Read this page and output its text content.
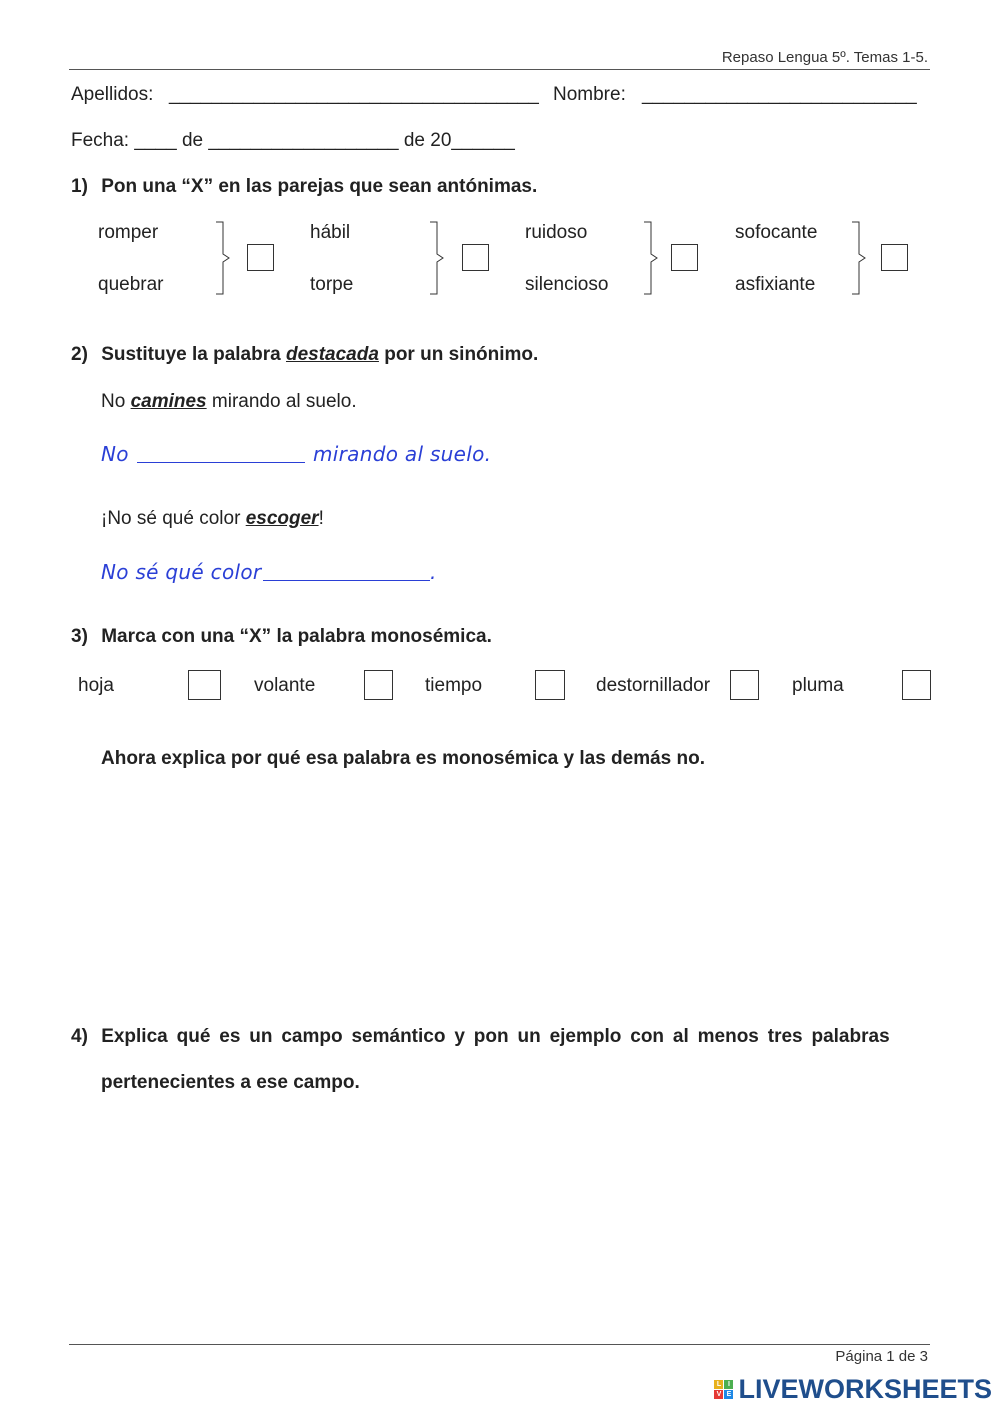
Repaso Lengua 5º. Temas 1-5.
Apellidos: ___________________________________ Nombre: __________________________
Fecha: ____ de __________________ de 20______
1) Pon una “X” en las parejas que sean antónimas.
romper
quebrar
hábil
torpe
ruidoso
silencioso
sofocante
asfixiante
2) Sustituye la palabra destacada por un sinónimo.
No camines mirando al suelo.
No	mirando al suelo.
¡No sé qué color escoger!
No sé qué color	.
3) Marca con una “X” la palabra monosémica.
hoja	volante	tiempo	destornillador	pluma
Ahora explica por qué esa palabra es monosémica y las demás no.
4) Explica qué es un campo semántico y pon un ejemplo con al menos tres palabras
pertenecientes a ese campo.
Página 1 de 3
L I
V E LIVEWORKSHEETS
